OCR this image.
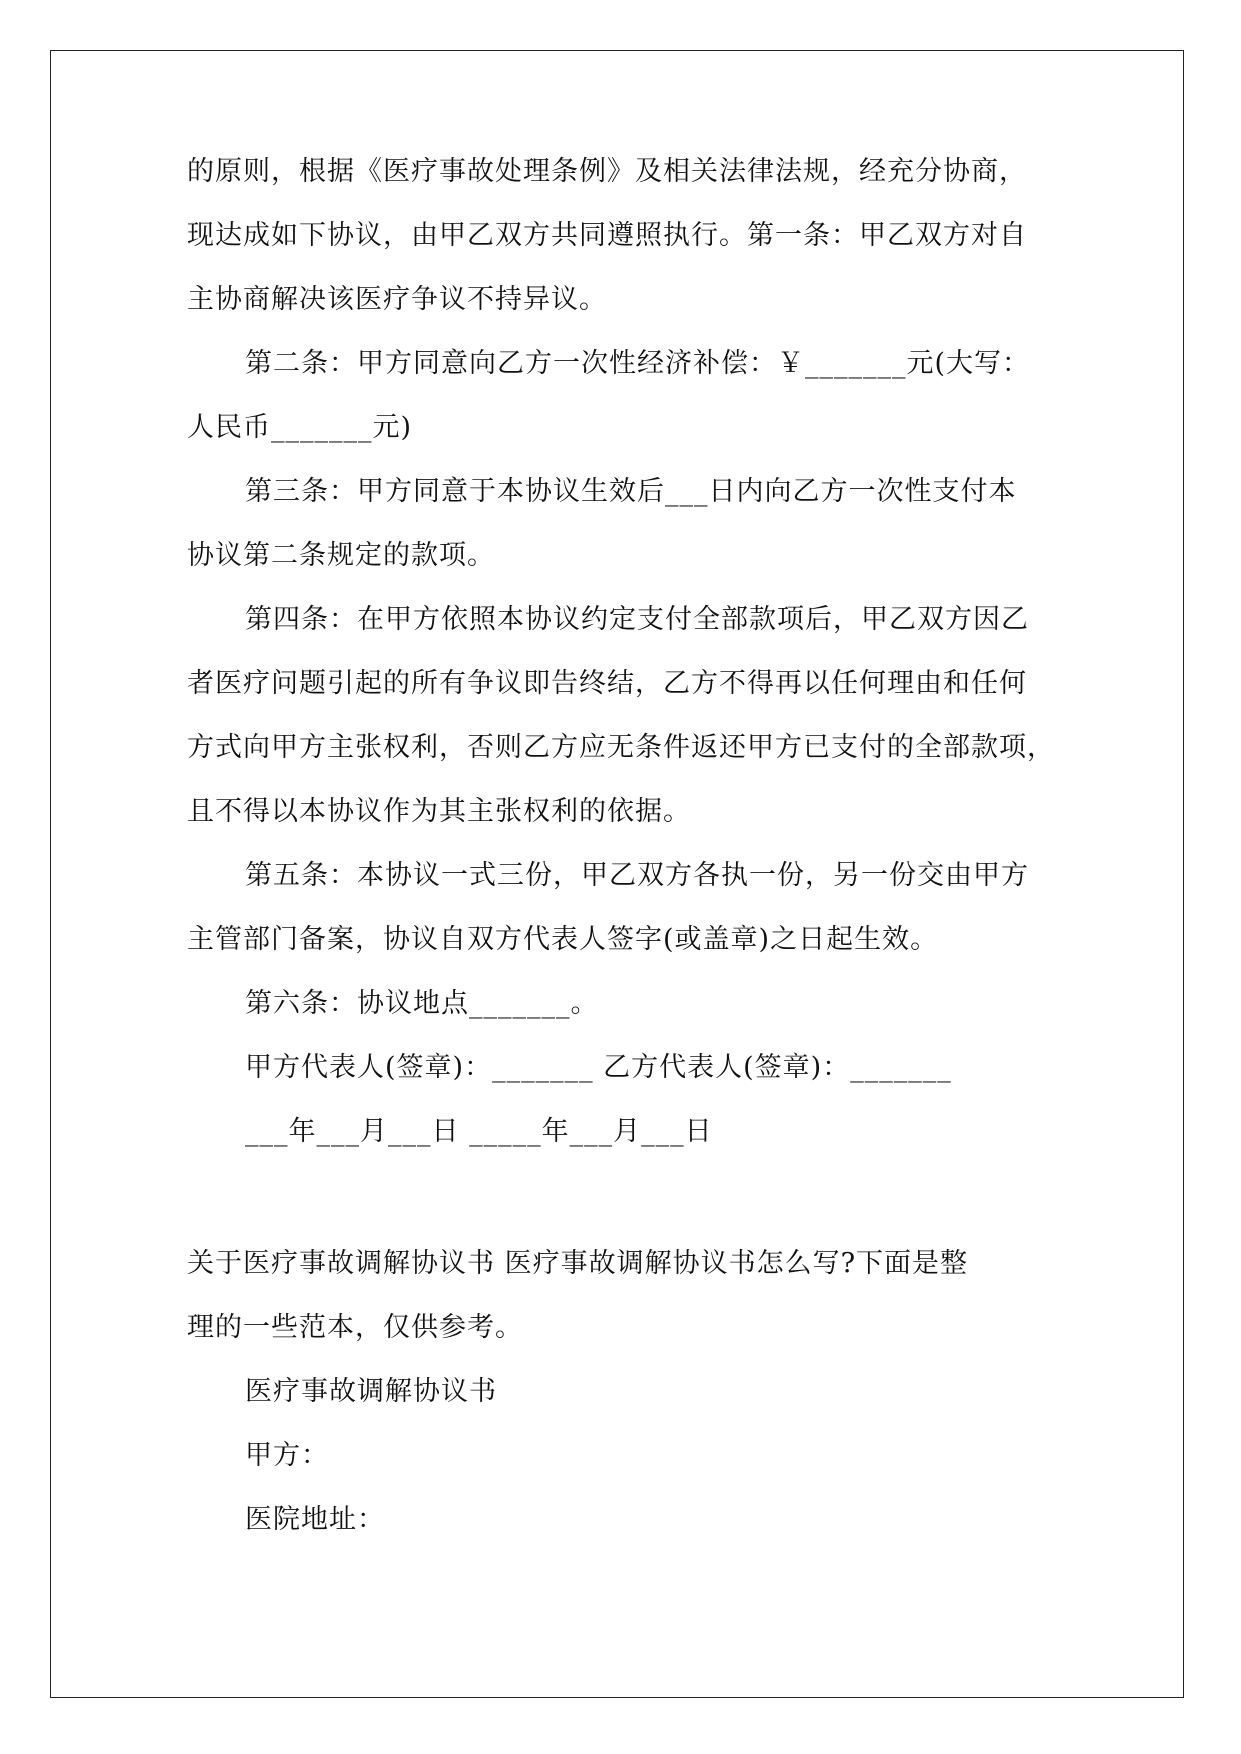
的原则，根据《医疗事故处理条例》及相关法律法规，经充分协商，
现达成如下协议，由甲乙双方共同遵照执行。第一条：甲乙双方对自
主协商解决该医疗争议不持异议。
第二条：甲方同意向乙方一次性经济补偿：￥_______元(大写：
人民币_______元)
第三条：甲方同意于本协议生效后___日内向乙方一次性支付本
协议第二条规定的款项。
第四条：在甲方依照本协议约定支付全部款项后，甲乙双方因乙
者医疗问题引起的所有争议即告终结，乙方不得再以任何理由和任何
方式向甲方主张权利，否则乙方应无条件返还甲方已支付的全部款项，
且不得以本协议作为其主张权利的依据。
第五条：本协议一式三份，甲乙双方各执一份，另一份交由甲方
主管部门备案，协议自双方代表人签字(或盖章)之日起生效。
第六条：协议地点_______。
甲方代表人(签章)：_______ 乙方代表人(签章)：_______
___年___月___日 _____年___月___日
关于医疗事故调解协议书 医疗事故调解协议书怎么写?下面是整
理的一些范本，仅供参考。
医疗事故调解协议书
甲方：
医院地址：
